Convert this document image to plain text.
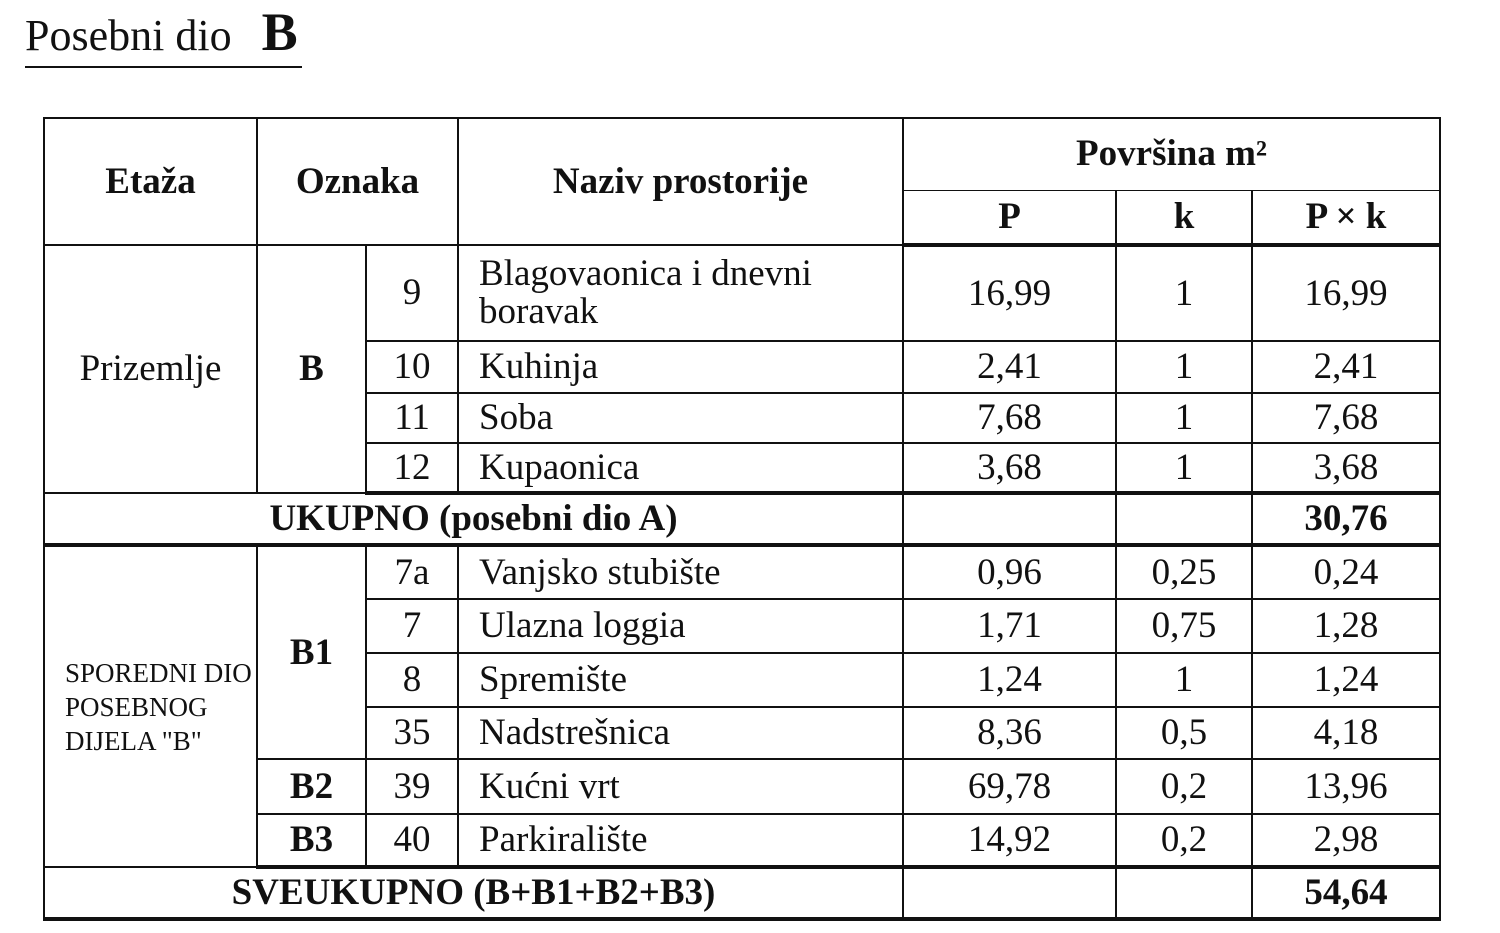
Posebni dio B
Etaža	Oznaka		Naziv prostorije	Površina m²		
				P	k	P × k
Prizemlje	B	9	Blagovaonica i dnevni boravak	16,99	1	16,99
		10	Kuhinja	2,41	1	2,41
		11	Soba	7,68	1	7,68
		12	Kupaonica	3,68	1	3,68
UKUPNO (posebni dio A)						30,76
SPOREDNI DIO POSEBNOG DIJELA "B"	B1	7a	Vanjsko stubište	0,96	0,25	0,24
		7	Ulazna loggia	1,71	0,75	1,28
		8	Spremište	1,24	1	1,24
		35	Nadstrešnica	8,36	0,5	4,18
	B2	39	Kućni vrt	69,78	0,2	13,96
	B3	40	Parkiralište	14,92	0,2	2,98
SVEUKUPNO (B+B1+B2+B3)						54,64
